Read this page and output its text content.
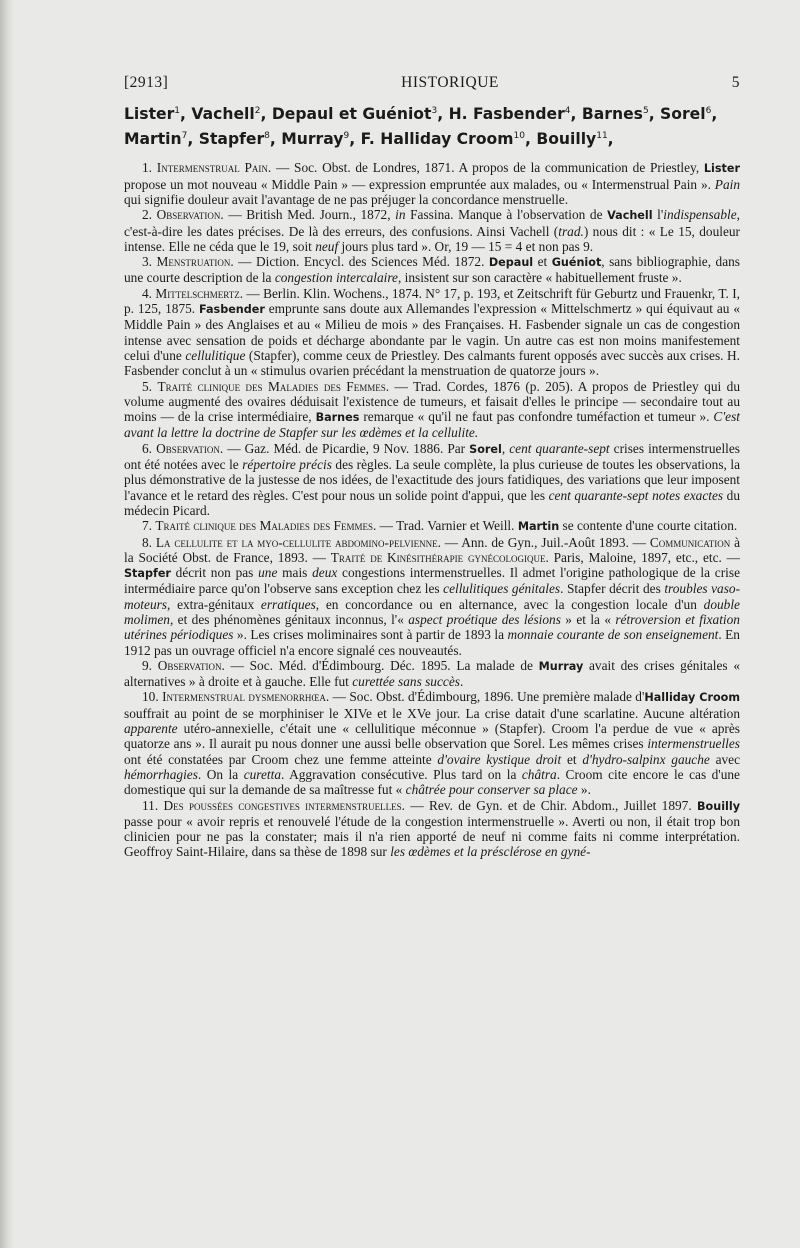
[2913]	HISTORIQUE	5

Lister$^1$, Vachell$^2$, Depaul et Guéniot$^3$, H. Fasbender$^4$, Barnes$^5$, Sorel$^6$, Martin$^7$, Stapfer$^8$, Murray$^9$, F. Halliday Croom$^{10}$, Bouilly$^{11}$,

1. Intermenstrual Pain. — Soc. Obst. de Londres, 1871. A propos de la communication de Priestley, Lister propose un mot nouveau « Middle Pain » — expression empruntée aux malades, ou « Intermenstrual Pain ». Pain qui signifie douleur avait l'avantage de ne pas préjuger la concordance menstruelle.

2. Observation. — British Med. Journ., 1872, in Fassina. Manque à l'observation de Vachell l'indispensable, c'est-à-dire les dates précises. De là des erreurs, des confusions. Ainsi Vachell (trad.) nous dit : « Le 15, douleur intense. Elle ne céda que le 19, soit neuf jours plus tard ». Or, 19 — 15 = 4 et non pas 9.

3. Menstruation. — Diction. Encycl. des Sciences Méd. 1872. Depaul et Guéniot, sans bibliographie, dans une courte description de la congestion intercalaire, insistent sur son caractère « habituellement fruste ».

4. Mittelschmertz. — Berlin. Klin. Wochens., 1874. N° 17, p. 193, et Zeitschrift für Geburtz und Frauenkr, T. I, p. 125, 1875. Fasbender emprunte sans doute aux Allemandes l'expression « Mittelschmertz » qui équivaut au « Middle Pain » des Anglaises et au « Milieu de mois » des Françaises. H. Fasbender signale un cas de congestion intense avec sensation de poids et décharge abondante par le vagin. Un autre cas est non moins manifestement celui d'une cellulitique (Stapfer), comme ceux de Priestley. Des calmants furent opposés avec succès aux crises. H. Fasbender conclut à un « stimulus ovarien précédant la menstruation de quatorze jours ».

5. Traité clinique des Maladies des Femmes. — Trad. Cordes, 1876 (p. 205). A propos de Priestley qui du volume augmenté des ovaires déduisait l'existence de tumeurs, et faisait d'elles le principe — secondaire tout au moins — de la crise intermédiaire, Barnes remarque « qu'il ne faut pas confondre tuméfaction et tumeur ». C'est avant la lettre la doctrine de Stapfer sur les œdèmes et la cellulite.

6. Observation. — Gaz. Méd. de Picardie, 9 Nov. 1886. Par Sorel, cent quarante-sept crises intermenstruelles ont été notées avec le répertoire précis des règles. La seule complète, la plus curieuse de toutes les observations, la plus démonstrative de la justesse de nos idées, de l'exactitude des jours fatidiques, des variations que leur imposent l'avance et le retard des règles. C'est pour nous un solide point d'appui, que les cent quarante-sept notes exactes du médecin Picard.

7. Traité clinique des Maladies des Femmes. — Trad. Varnier et Weill. Martin se contente d'une courte citation.

8. La cellulite et la myo-cellulite abdomino-pelvienne. — Ann. de Gyn., Juil.-Août 1893. — Communication à la Société Obst. de France, 1893. — Traité de Kinésithérapie gynécologique. Paris, Maloine, 1897, etc., etc. — Stapfer décrit non pas une mais deux congestions intermenstruelles. Il admet l'origine pathologique de la crise intermédiaire parce qu'on l'observe sans exception chez les cellulitiques génitales. Stapfer décrit des troubles vaso-moteurs, extra-génitaux erratiques, en concordance ou en alternance, avec la congestion locale d'un double molimen, et des phénomènes génitaux inconnus, l'« aspect proétique des lésions » et la « rétroversion et fixation utérines périodiques ». Les crises moliminaires sont à partir de 1893 la monnaie courante de son enseignement. En 1912 pas un ouvrage officiel n'a encore signalé ces nouveautés.

9. Observation. — Soc. Méd. d'Édimbourg. Déc. 1895. La malade de Murray avait des crises génitales « alternatives » à droite et à gauche. Elle fut curettée sans succès.

10. Intermenstrual dysmenorrhœa. — Soc. Obst. d'Édimbourg, 1896. Une première malade d'Halliday Croom souffrait au point de se morphiniser le XIVe et le XVe jour. La crise datait d'une scarlatine. Aucune altération apparente utéro-annexielle, c'était une « cellulitique méconnue » (Stapfer). Croom l'a perdue de vue « après quatorze ans ». Il aurait pu nous donner une aussi belle observation que Sorel. Les mêmes crises intermenstruelles ont été constatées par Croom chez une femme atteinte d'ovaire kystique droit et d'hydro-salpinx gauche avec hémorrhagies. On la curetta. Aggravation consécutive. Plus tard on la châtra. Croom cite encore le cas d'une domestique qui sur la demande de sa maîtresse fut « châtrée pour conserver sa place ».

11. Des poussées congestives intermenstruelles. — Rev. de Gyn. et de Chir. Abdom., Juillet 1897. Bouilly passe pour « avoir repris et renouvelé l'étude de la congestion intermenstruelle ». Averti ou non, il était trop bon clinicien pour ne pas la constater; mais il n'a rien apporté de neuf ni comme faits ni comme interprétation. Geoffroy Saint-Hilaire, dans sa thèse de 1898 sur les œdèmes et la présclérose en gyné-
